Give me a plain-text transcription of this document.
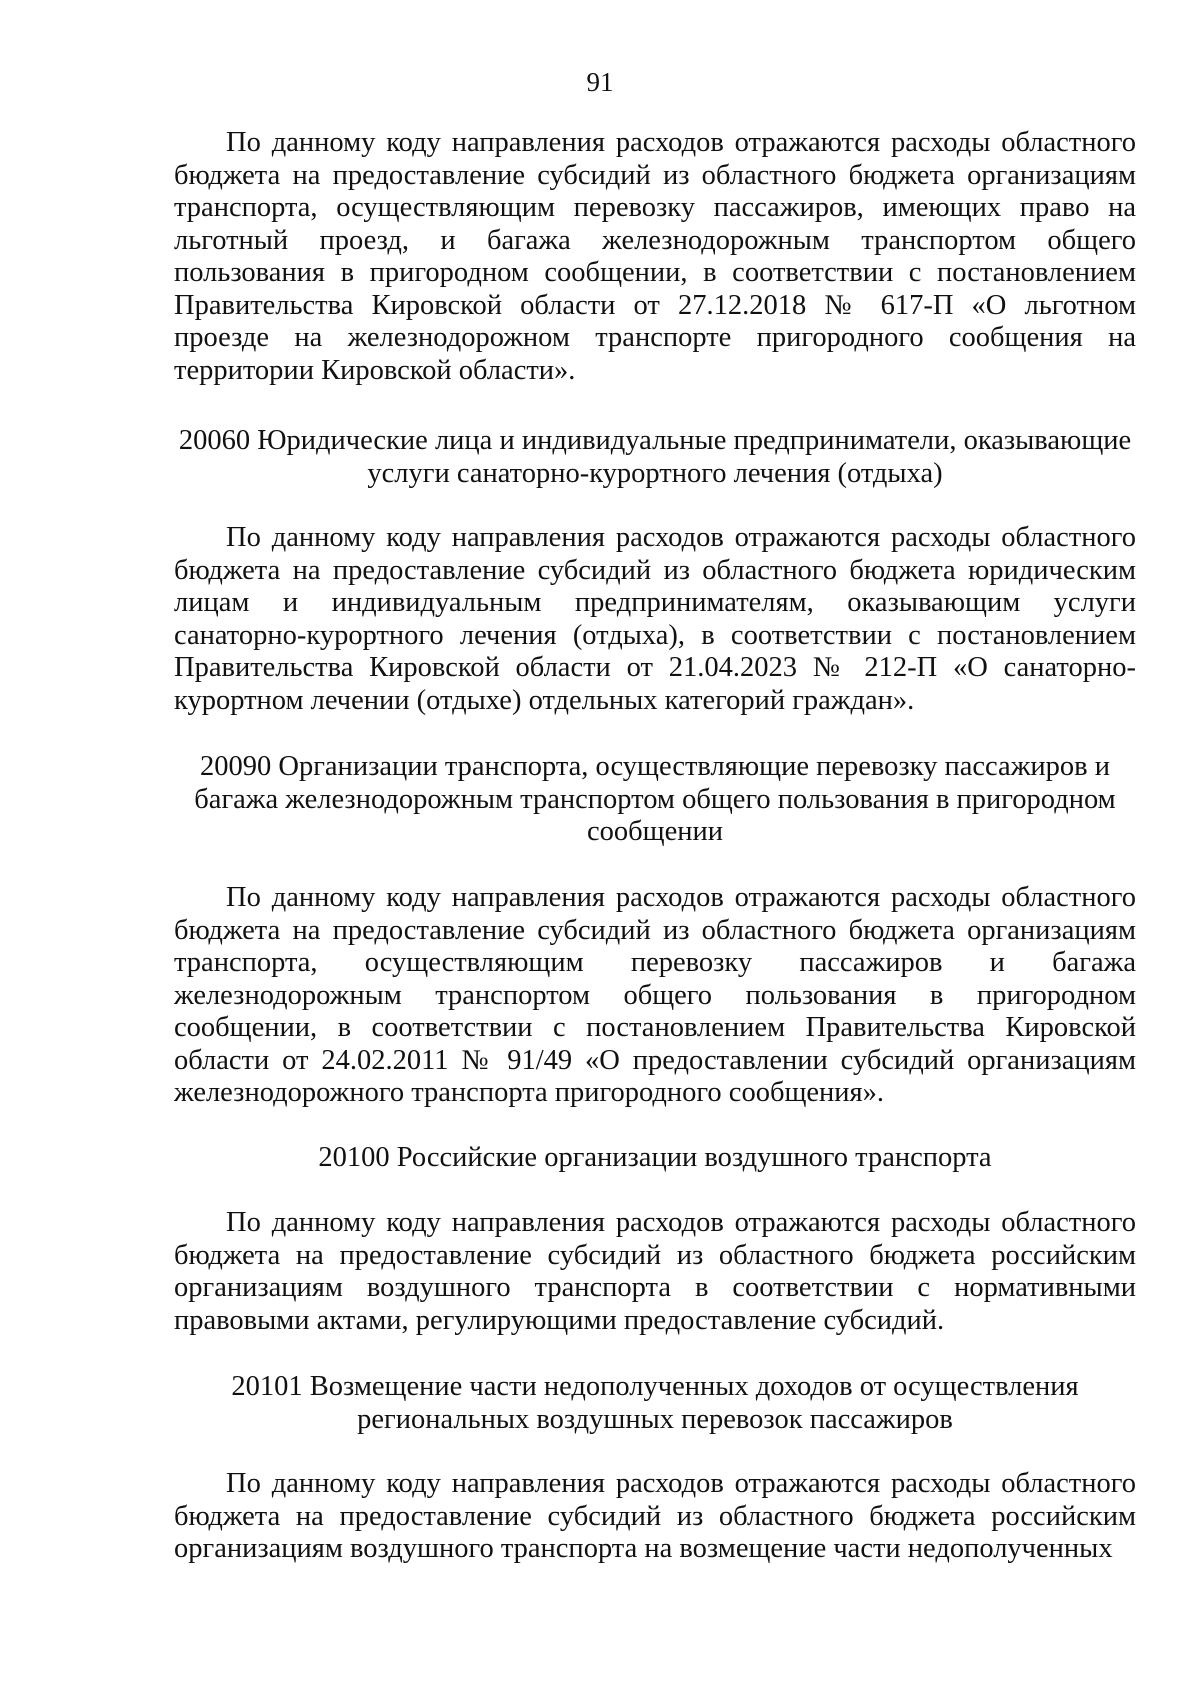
91

По данному коду направления расходов отражаются расходы областного бюджета на предоставление субсидий из областного бюджета организациям транспорта, осуществляющим перевозку пассажиров, имеющих право на льготный проезд, и багажа железнодорожным транспортом общего пользования в пригородном сообщении, в соответствии с постановлением Правительства Кировской области от 27.12.2018 № 617-П «О льготном проезде на железнодорожном транспорте пригородного сообщения на территории Кировской области».

20060 Юридические лица и индивидуальные предприниматели, оказывающие услуги санаторно-курортного лечения (отдыха)

По данному коду направления расходов отражаются расходы областного бюджета на предоставление субсидий из областного бюджета юридическим лицам и индивидуальным предпринимателям, оказывающим услуги санаторно-курортного лечения (отдыха), в соответствии с постановлением Правительства Кировской области от 21.04.2023 № 212-П «О санаторно-курортном лечении (отдыхе) отдельных категорий граждан».

20090 Организации транспорта, осуществляющие перевозку пассажиров и багажа железнодорожным транспортом общего пользования в пригородном сообщении

По данному коду направления расходов отражаются расходы областного бюджета на предоставление субсидий из областного бюджета организациям транспорта, осуществляющим перевозку пассажиров и багажа железнодорожным транспортом общего пользования в пригородном сообщении, в соответствии с постановлением Правительства Кировской области от 24.02.2011 № 91/49 «О предоставлении субсидий организациям железнодорожного транспорта пригородного сообщения».

20100 Российские организации воздушного транспорта

По данному коду направления расходов отражаются расходы областного бюджета на предоставление субсидий из областного бюджета российским организациям воздушного транспорта в соответствии с нормативными правовыми актами, регулирующими предоставление субсидий.

20101 Возмещение части недополученных доходов от осуществления региональных воздушных перевозок пассажиров

По данному коду направления расходов отражаются расходы областного бюджета на предоставление субсидий из областного бюджета российским организациям воздушного транспорта на возмещение части недополученных
